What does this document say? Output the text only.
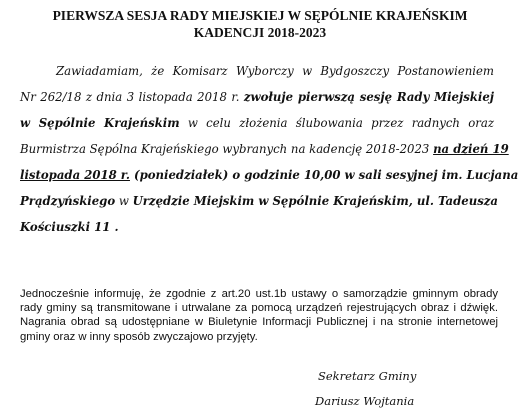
PIERWSZA SESJA RADY MIEJSKIEJ W SĘPÓLNIE KRAJEŃSKIM
KADENCJI 2018-2023
Zawiadamiam, że Komisarz Wyborczy w Bydgoszczy Postanowieniem
Nr 262/18 z dnia 3 listopada 2018 r. zwołuje pierwszą sesję Rady Miejskiej
w Sępólnie Krajeńskim w celu złożenia ślubowania przez radnych oraz
Burmistrza Sępólna Krajeńskiego wybranych na kadencję 2018-2023 na dzień 19
listopada 2018 r. (poniedziałek) o godzinie 10,00 w sali sesyjnej im. Lucjana
Prądzyńskiego w Urzędzie Miejskim w Sępólnie Krajeńskim, ul. Tadeusza
Kościuszki 11 .

Jednocześnie informuję, że zgodnie z art.20 ust.1b ustawy o samorządzie gminnym obrady rady gminy są transmitowane i utrwalane za pomocą urządzeń rejestrujących obraz i dźwięk. Nagrania obrad są udostępniane w Biuletynie Informacji Publicznej i na stronie internetowej gminy oraz w inny sposób zwyczajowo przyjęty.

Sekretarz Gminy
Dariusz Wojtania
